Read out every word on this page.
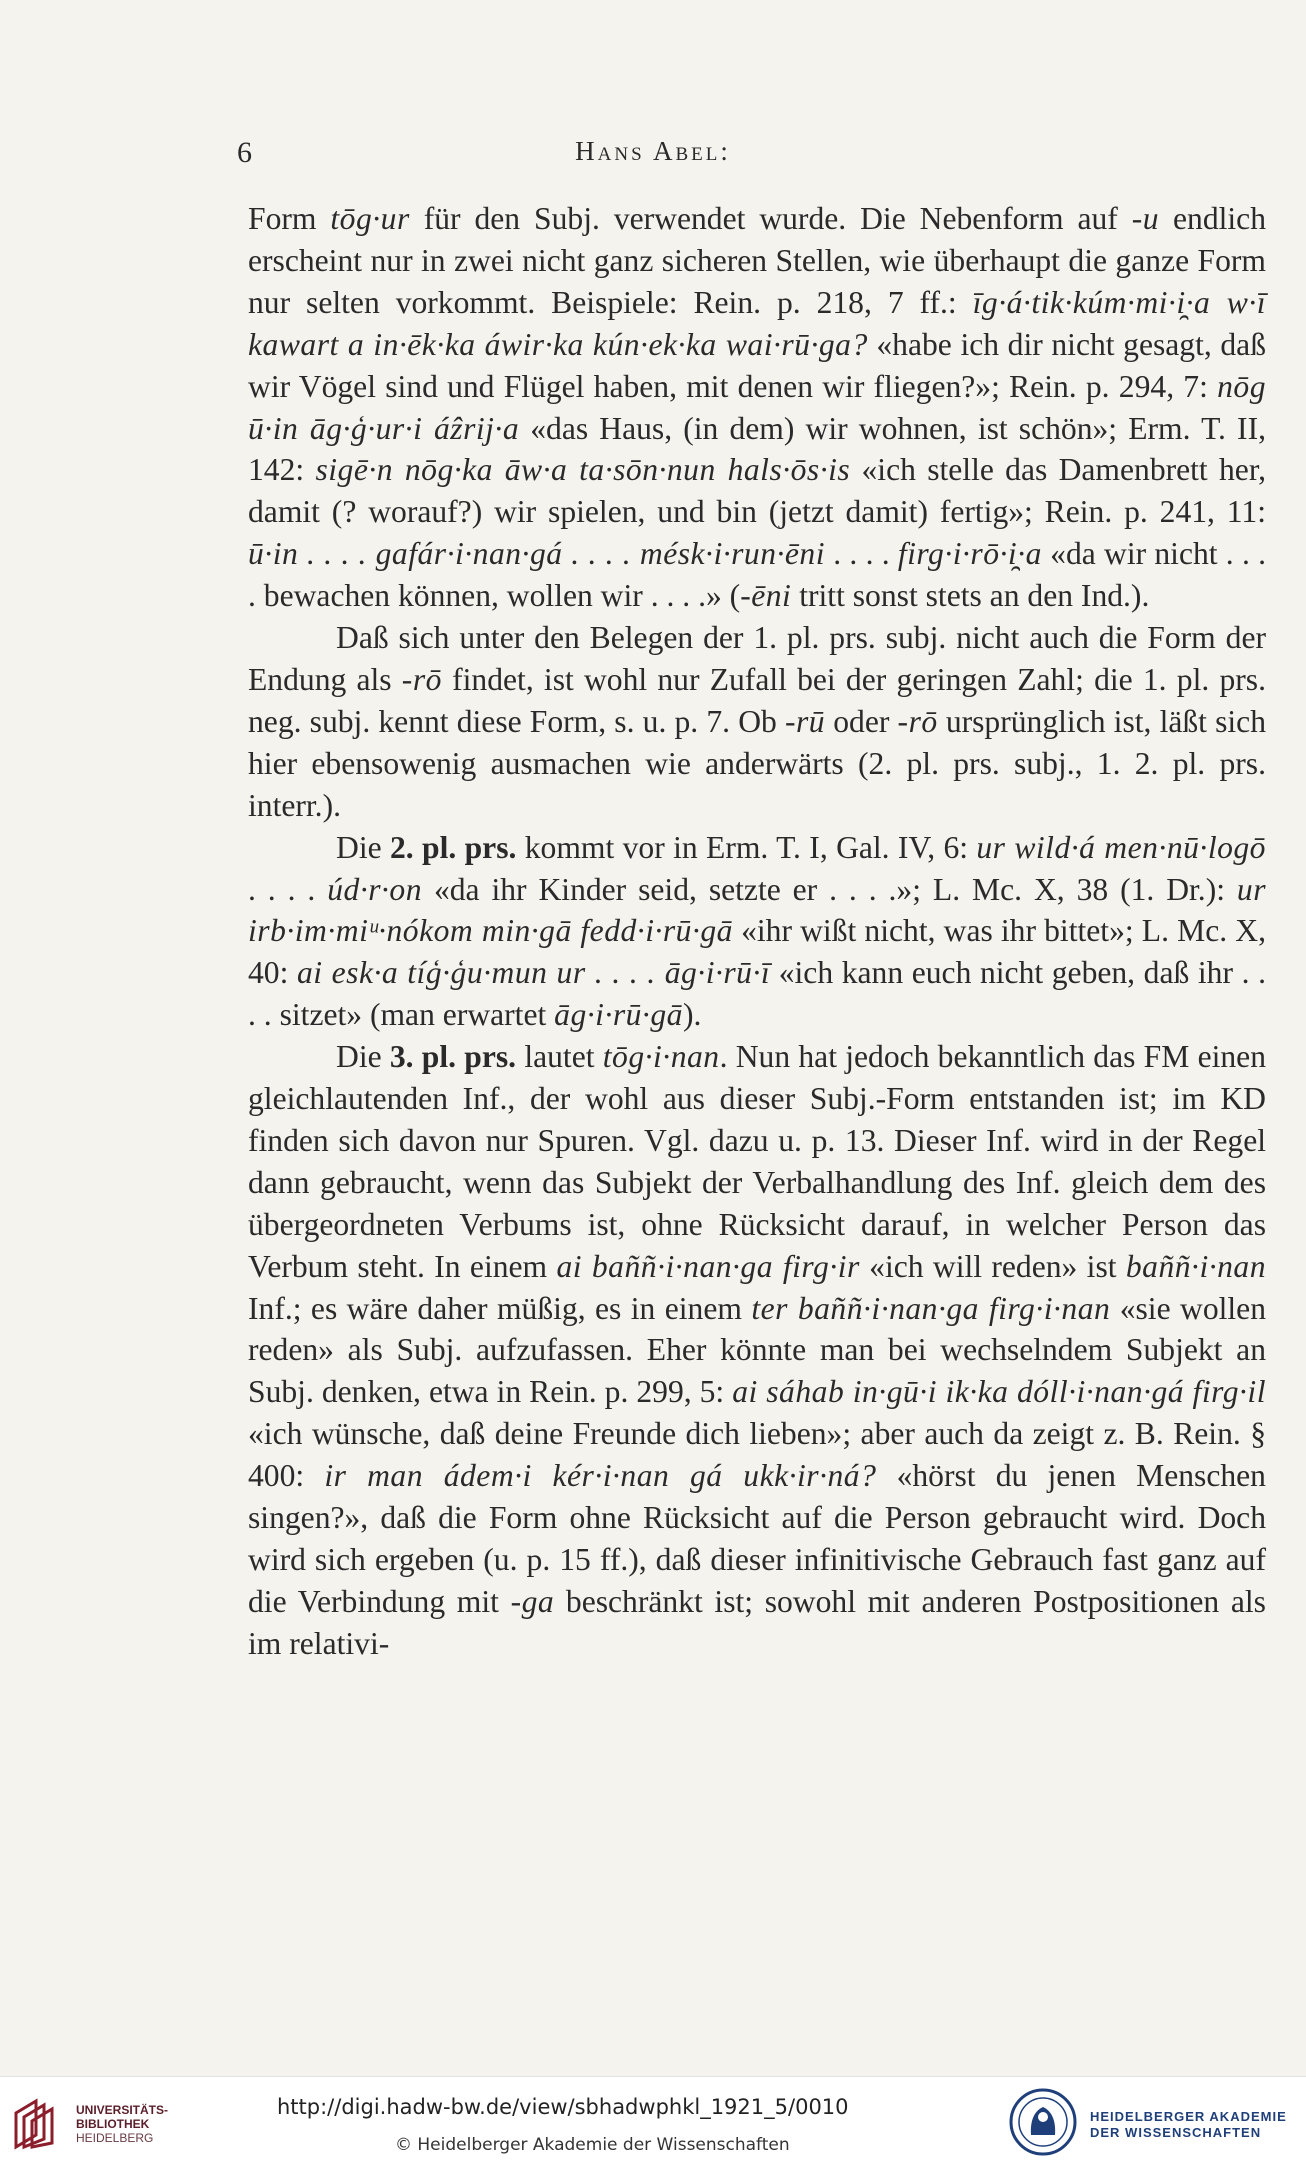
6	Hans Abel:

Form tōg·ur für den Subj. verwendet wurde. Die Nebenform auf -u endlich erscheint nur in zwei nicht ganz sicheren Stellen, wie überhaupt die ganze Form nur selten vorkommt. Beispiele: Rein. p. 218, 7 ff.: īg·á·tik·kúm·mi·i̯·a w·ī kawart a in·ēk·ka áwir·ka kún·ek·ka wai·rū·ga? «habe ich dir nicht gesagt, daß wir Vögel sind und Flügel haben, mit denen wir fliegen?»; Rein. p. 294, 7: nōg ū·in āg·ģ·ur·i áẑrij·a «das Haus, (in dem) wir wohnen, ist schön»; Erm. T. II, 142: sigē·n nōg·ka āw·a ta·sōn·nun hals·ōs·is «ich stelle das Damenbrett her, damit (? worauf?) wir spielen, und bin (jetzt damit) fertig»; Rein. p. 241, 11: ū·in . . . . gafár·i·nan·gá . . . . mésk·i·run·ēni . . . . firg·i·rō·i̯·a «da wir nicht . . . . bewachen können, wollen wir . . . .» (-ēni tritt sonst stets an den Ind.).

Daß sich unter den Belegen der 1. pl. prs. subj. nicht auch die Form der Endung als -rō findet, ist wohl nur Zufall bei der geringen Zahl; die 1. pl. prs. neg. subj. kennt diese Form, s. u. p. 7. Ob -rū oder -rō ursprünglich ist, läßt sich hier ebensowenig ausmachen wie anderwärts (2. pl. prs. subj., 1. 2. pl. prs. interr.).

Die 2. pl. prs. kommt vor in Erm. T. I, Gal. IV, 6: ur wild·á men·nū·logō . . . . úd·r·on «da ihr Kinder seid, setzte er . . . .»; L. Mc. X, 38 (1. Dr.): ur irb·im·miᵘ·nókom min·gā fedd·i·rū·gā «ihr wißt nicht, was ihr bittet»; L. Mc. X, 40: ai esk·a tíģ·ģu·mun ur . . . . āg·i·rū·ī «ich kann euch nicht geben, daß ihr . . . . sitzet» (man erwartet āg·i·rū·gā).

Die 3. pl. prs. lautet tōg·i·nan. Nun hat jedoch bekanntlich das FM einen gleichlautenden Inf., der wohl aus dieser Subj.-Form entstanden ist; im KD finden sich davon nur Spuren. Vgl. dazu u. p. 13. Dieser Inf. wird in der Regel dann gebraucht, wenn das Subjekt der Verbalhandlung des Inf. gleich dem des übergeordneten Verbums ist, ohne Rücksicht darauf, in welcher Person das Verbum steht. In einem ai baññ·i·nan·ga firg·ir «ich will reden» ist baññ·i·nan Inf.; es wäre daher müßig, es in einem ter baññ·i·nan·ga firg·i·nan «sie wollen reden» als Subj. aufzufassen. Eher könnte man bei wechselndem Subjekt an Subj. denken, etwa in Rein. p. 299, 5: ai sáhab in·gū·i ik·ka dóll·i·nan·gá firg·il «ich wünsche, daß deine Freunde dich lieben»; aber auch da zeigt z. B. Rein. § 400: ir man ádem·i kér·i·nan gá ukk·ir·ná? «hörst du jenen Menschen singen?», daß die Form ohne Rücksicht auf die Person gebraucht wird. Doch wird sich ergeben (u. p. 15 ff.), daß dieser infinitivische Gebrauch fast ganz auf die Verbindung mit -ga beschränkt ist; sowohl mit anderen Postpositionen als im relativi-

UNIVERSITÄTS-
BIBLIOTHEK
HEIDELBERG
http://digi.hadw-bw.de/view/sbhadwphkl_1921_5/0010
© Heidelberger Akademie der Wissenschaften
HEIDELBERGER AKADEMIE
DER WISSENSCHAFTEN
